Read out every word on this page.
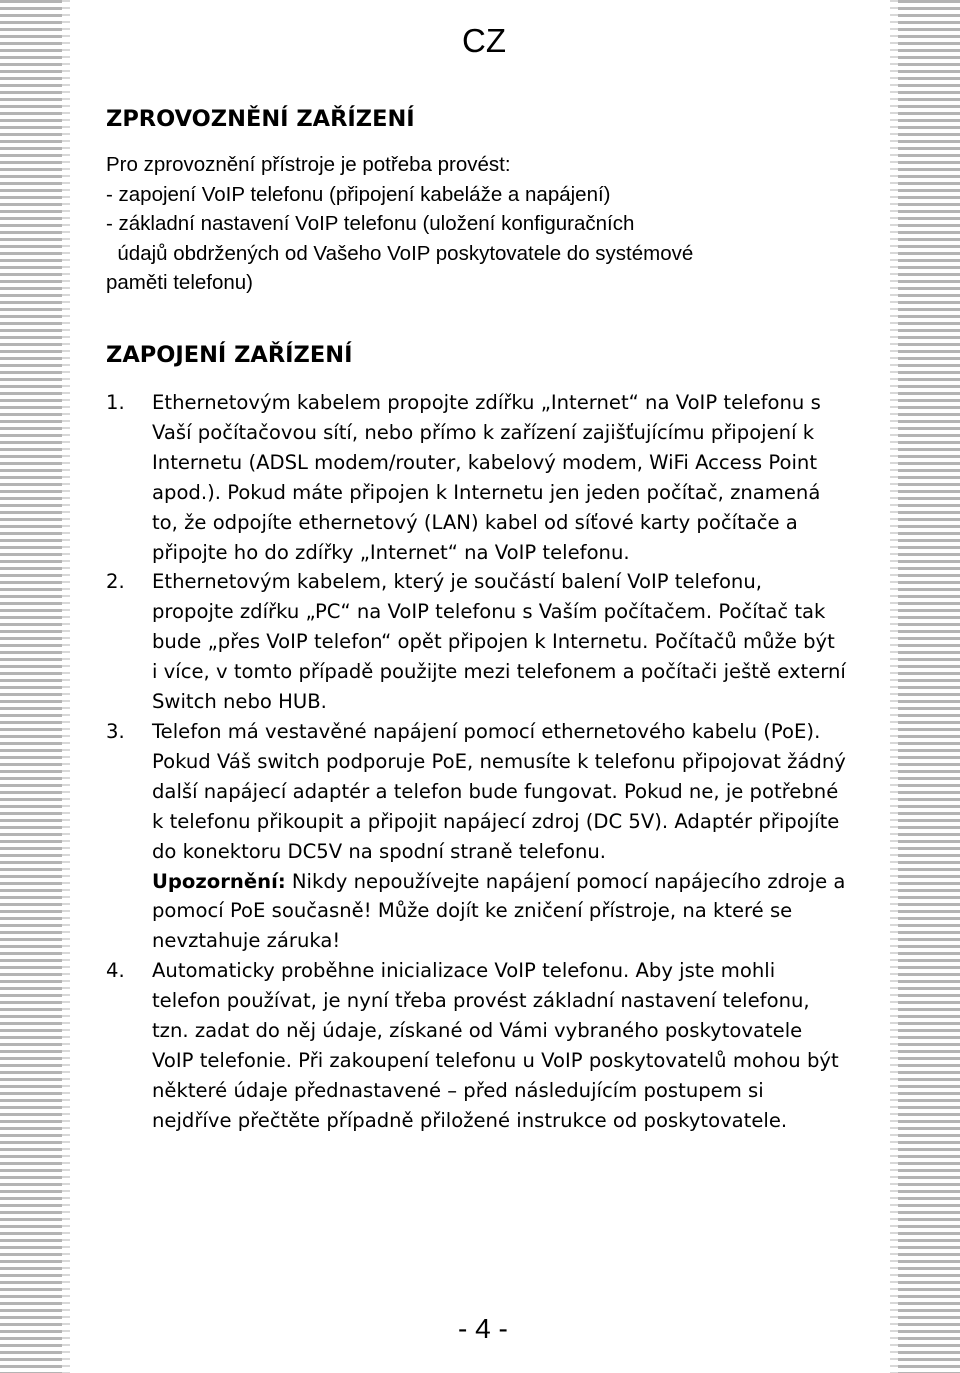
CZ
ZPROVOZNĚNÍ ZAŘÍZENÍ
Pro zprovoznění přístroje je potřeba provést:
- zapojení VoIP telefonu (připojení kabeláže a napájení)
- základní nastavení VoIP telefonu (uložení konfiguračních
údajů obdržených od Vašeho VoIP poskytovatele do systémové
paměti telefonu)
ZAPOJENÍ ZAŘÍZENÍ
1. Ethernetovým kabelem propojte zdířku „Internet“ na VoIP telefonu s Vaší počítačovou sítí, nebo přímo k zařízení zajišťujícímu připojení k Internetu (ADSL modem/router, kabelový modem, WiFi Access Point apod.). Pokud máte připojen k Internetu jen jeden počítač, znamená to, že odpojíte ethernetový (LAN) kabel od síťové karty počítače a připojte ho do zdířky „Internet“ na VoIP telefonu.
2. Ethernetovým kabelem, který je součástí balení VoIP telefonu, propojte zdířku „PC“ na VoIP telefonu s Vaším počítačem. Počítač tak bude „přes VoIP telefon“ opět připojen k Internetu. Počítačů může být i více, v tomto případě použijte mezi telefonem a počítači ještě externí Switch nebo HUB.
3. Telefon má vestavěné napájení pomocí ethernetového kabelu (PoE). Pokud Váš switch podporuje PoE, nemusíte k telefonu připojovat žádný další napájecí adaptér a telefon bude fungovat. Pokud ne, je potřebné k telefonu přikoupit a připojit napájecí zdroj (DC 5V). Adaptér připojíte do konektoru DC5V na spodní straně telefonu.
Upozornění: Nikdy nepoužívejte napájení pomocí napájecího zdroje a pomocí PoE současně! Může dojít ke zničení přístroje, na které se nevztahuje záruka!
4. Automaticky proběhne inicializace VoIP telefonu. Aby jste mohli telefon používat, je nyní třeba provést základní nastavení telefonu, tzn. zadat do něj údaje, získané od Vámi vybraného poskytovatele VoIP telefonie. Při zakoupení telefonu u VoIP poskytovatelů mohou být některé údaje přednastavené – před následujícím postupem si nejdříve přečtěte případně přiložené instrukce od poskytovatele.
- 4 -
